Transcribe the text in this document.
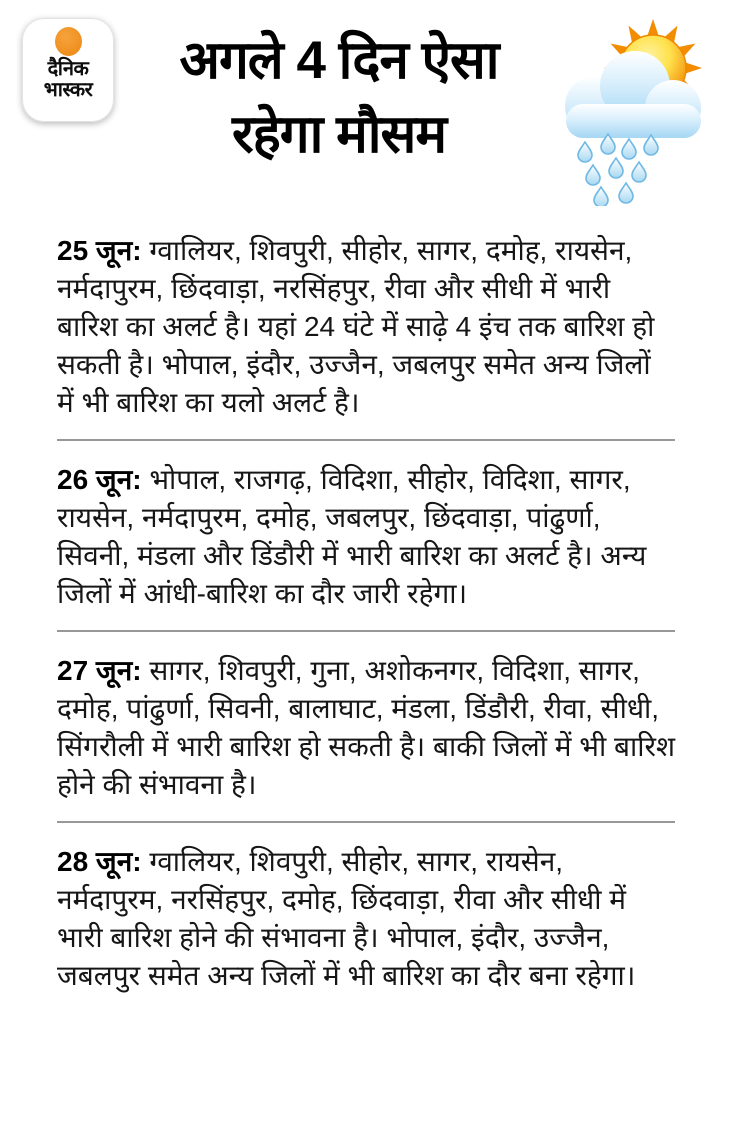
दैनिक
भास्कर	अगले 4 दिन ऐसा
रहेगा मौसम

25 जून: ग्वालियर, शिवपुरी, सीहोर, सागर, दमोह, रायसेन, नर्मदापुरम, छिंदवाड़ा, नरसिंहपुर, रीवा और सीधी में भारी बारिश का अलर्ट है। यहां 24 घंटे में साढ़े 4 इंच तक बारिश हो सकती है। भोपाल, इंदौर, उज्जैन, जबलपुर समेत अन्य जिलों में भी बारिश का यलो अलर्ट है।

26 जून: भोपाल, राजगढ़, विदिशा, सीहोर, विदिशा, सागर, रायसेन, नर्मदापुरम, दमोह, जबलपुर, छिंदवाड़ा, पांढुर्णा, सिवनी, मंडला और डिंडौरी में भारी बारिश का अलर्ट है। अन्य जिलों में आंधी-बारिश का दौर जारी रहेगा।

27 जून: सागर, शिवपुरी, गुना, अशोकनगर, विदिशा, सागर, दमोह, पांढुर्णा, सिवनी, बालाघाट, मंडला, डिंडौरी, रीवा, सीधी, सिंगरौली में भारी बारिश हो सकती है। बाकी जिलों में भी बारिश होने की संभावना है।

28 जून: ग्वालियर, शिवपुरी, सीहोर, सागर, रायसेन, नर्मदापुरम, नरसिंहपुर, दमोह, छिंदवाड़ा, रीवा और सीधी में भारी बारिश होने की संभावना है। भोपाल, इंदौर, उज्जैन, जबलपुर समेत अन्य जिलों में भी बारिश का दौर बना रहेगा।
